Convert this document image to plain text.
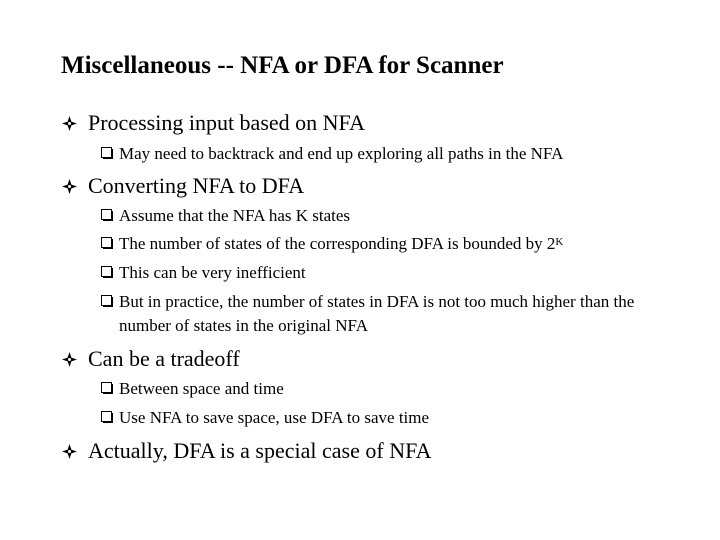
Miscellaneous -- NFA or DFA for Scanner
Processing input based on NFA
May need to backtrack and end up exploring all paths in the NFA
Converting NFA to DFA
Assume that the NFA has K states
The number of states of the corresponding DFA is bounded by $2^K$
This can be very inefficient
But in practice, the number of states in DFA is not too much higher than the number of states in the original NFA
Can be a tradeoff
Between space and time
Use NFA to save space, use DFA to save time
Actually, DFA is a special case of NFA
